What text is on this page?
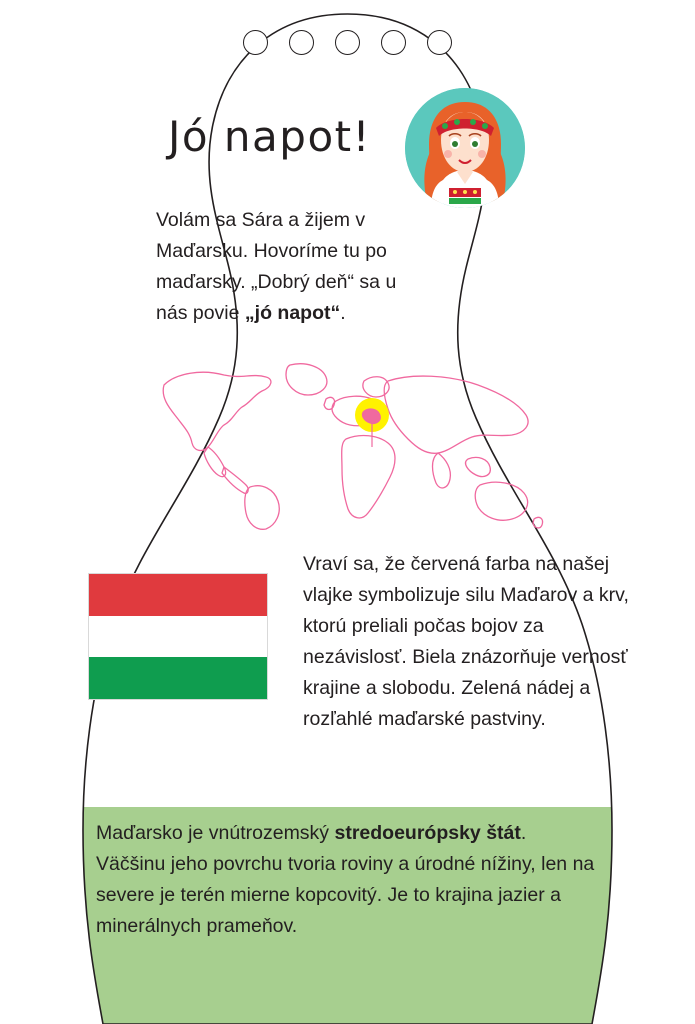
Jó napot!
Volám sa Sára a žijem v Maďarsku. Hovoríme tu po maďarsky. „Dobrý deň“ sa u nás povie „jó napot“.
Vraví sa, že červená farba na našej vlajke symbolizuje silu Maďarov a krv, ktorú preliali počas bojov za nezávislosť. Biela znázorňuje vernosť krajine a slobodu. Zelená nádej a rozľahlé maďarské pastviny.
Maďarsko je vnútrozemský stredoeurópsky štát. Väčšinu jeho povrchu tvoria roviny a úrodné nížiny, len na severe je terén mierne kopcovitý. Je to krajina jazier a minerálnych prameňov.
